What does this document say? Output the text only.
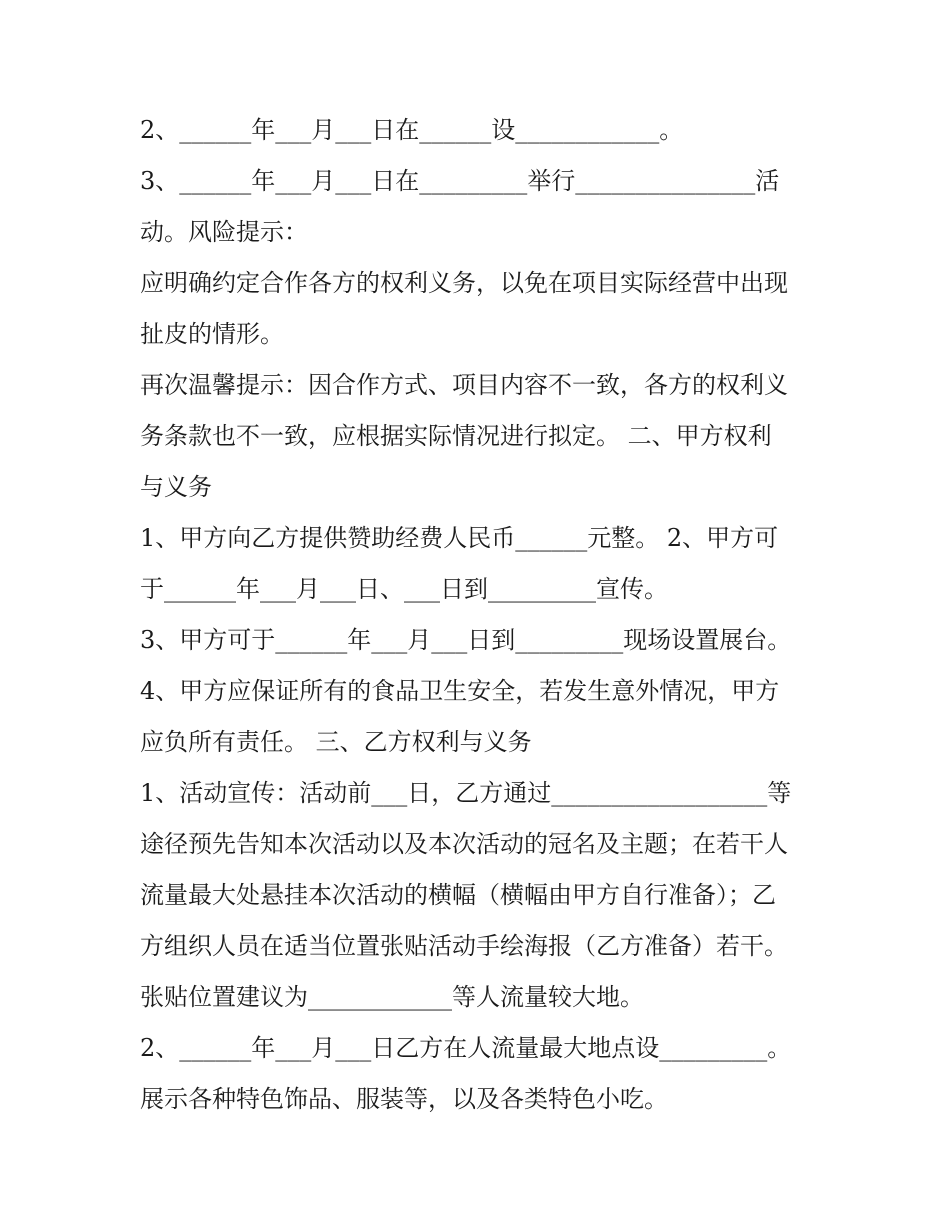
2、______年___月___日在______设____________。
3、______年___月___日在_________举行_______________活
动。风险提示：
应明确约定合作各方的权利义务，以免在项目实际经营中出现
扯皮的情形。
再次温馨提示：因合作方式、项目内容不一致，各方的权利义
务条款也不一致，应根据实际情况进行拟定。 二、甲方权利
与义务
1、甲方向乙方提供赞助经费人民币______元整。 2、甲方可
于______年___月___日、___日到_________宣传。
3、甲方可于______年___月___日到_________现场设置展台。
4、甲方应保证所有的食品卫生安全，若发生意外情况，甲方
应负所有责任。 三、乙方权利与义务
1、活动宣传：活动前___日，乙方通过__________________等
途径预先告知本次活动以及本次活动的冠名及主题；在若干人
流量最大处悬挂本次活动的横幅（横幅由甲方自行准备）；乙
方组织人员在适当位置张贴活动手绘海报（乙方准备）若干。
张贴位置建议为____________等人流量较大地。
2、______年___月___日乙方在人流量最大地点设_________。
展示各种特色饰品、服装等，以及各类特色小吃。
